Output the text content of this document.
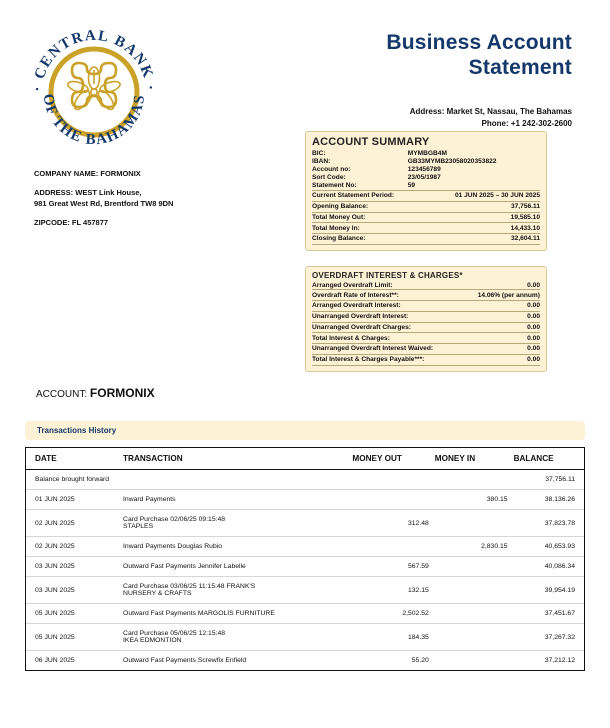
· CENTRAL BANK ·
OF THE BAHAMAS
Business Account
Statement
Address: Market St, Nassau, The Bahamas
Phone: +1 242-302-2600
COMPANY NAME: FORMONIX
ADDRESS: WEST Link House,
981 Great West Rd, Brentford TW8 9DN
ZIPCODE: FL 457877
ACCOUNT SUMMARY
BIC:	MYMBGB4M
IBAN:	GB33MYMB23058020353822
Account no:	123456789
Sort Code:	23/05/1987
Statement No:	59
Current Statement Period:	01 JUN 2025 – 30 JUN 2025
Opening Balance:	37,756.11
Total Money Out:	19,585.10
Total Money In:	14,433.10
Closing Balance:	32,604.11
OVERDRAFT INTEREST & CHARGES*
Arranged Overdraft Limit:	0.00
Overdraft Rate of Interest**:	14.06% (per annum)
Arranged Overdraft Interest:	0.00
Unarranged Overdraft Interest:	0.00
Unarranged Overdraft Charges:	0.00
Total Interest & Charges:	0.00
Unarranged Overdraft Interest Waived:	0.00
Total Interest & Charges Payable***:	0.00
ACCOUNT: FORMONIX
Transactions History
DATE	TRANSACTION	MONEY OUT	MONEY IN	BALANCE
Balance brought forward				37,756.11
01 JUN 2025	Inward Payments		380.15	38,136.26
02 JUN 2025	Card Purchase 02/06/25 09:15:48
STAPLES	312.48		37,823.78
02 JUN 2025	Inward Payments Douglas Rubio		2,830.15	40,653.93
03 JUN 2025	Outward Fast Payments Jennifer Labelle	567.59		40,086.34
03 JUN 2025	Card Purchase 03/06/25 11:15:48 FRANK'S
NURSERY & CRAFTS	132.15		39,954.19
05 JUN 2025	Outward Fast Payments MARGOLIS FURNITURE	2,502.52		37,451.67
05 JUN 2025	Card Purchase 05/06/25 12:15:48
IKEA EDMONTION	184.35		37,267.32
06 JUN 2025	Outward Fast Payments Screwfix Enfield	55.20		37,212.12
